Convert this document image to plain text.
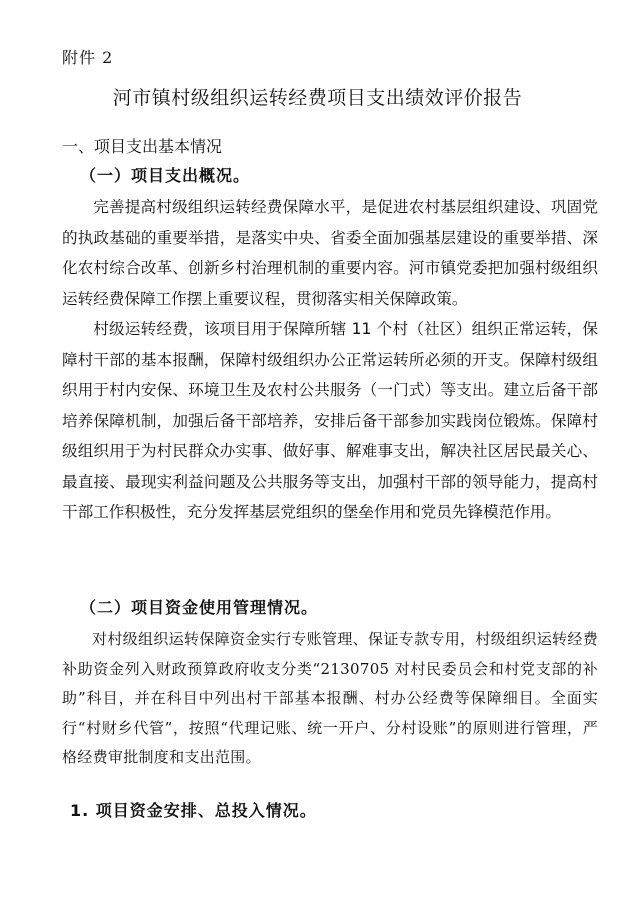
附件 2
河市镇村级组织运转经费项目支出绩效评价报告
一、项目支出基本情况
（一）项目支出概况。

完善提高村级组织运转经费保障水平，是促进农村基层组织建设、巩固党的执政基础的重要举措，是落实中央、省委全面加强基层建设的重要举措、深化农村综合改革、创新乡村治理机制的重要内容。河市镇党委把加强村级组织运转经费保障工作摆上重要议程，贯彻落实相关保障政策。

村级运转经费，该项目用于保障所辖 11 个村（社区）组织正常运转，保障村干部的基本报酬，保障村级组织办公正常运转所必须的开支。保障村级组织用于村内安保、环境卫生及农村公共服务（一门式）等支出。建立后备干部培养保障机制，加强后备干部培养，安排后备干部参加实践岗位锻炼。保障村级组织用于为村民群众办实事、做好事、解难事支出，解决社区居民最关心、最直接、最现实利益问题及公共服务等支出，加强村干部的领导能力，提高村干部工作积极性，充分发挥基层党组织的堡垒作用和党员先锋模范作用。

（二）项目资金使用管理情况。

对村级组织运转保障资金实行专账管理、保证专款专用，村级组织运转经费补助资金列入财政预算政府收支分类“2130705 对村民委员会和村党支部的补助”科目，并在科目中列出村干部基本报酬、村办公经费等保障细目。全面实行“村财乡代管”，按照“代理记账、统一开户、分村设账”的原则进行管理，严格经费审批制度和支出范围。

1. 项目资金安排、总投入情况。
